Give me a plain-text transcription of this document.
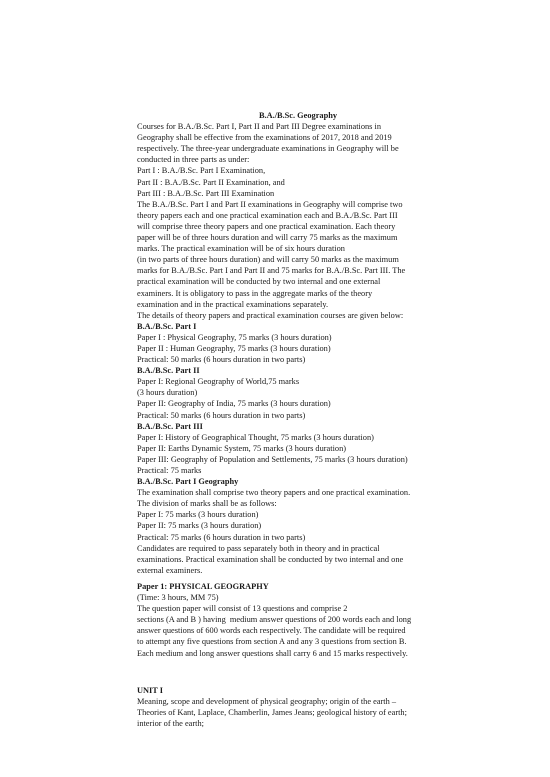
B.A./B.Sc. Geography

Courses for B.A./B.Sc. Part I, Part II and Part III Degree examinations in

Geography shall be effective from the examinations of 2017, 2018 and 2019

respectively. The three-year undergraduate examinations in Geography will be

conducted in three parts as under:

Part I : B.A./B.Sc. Part I Examination,

Part II : B.A./B.Sc. Part II Examination, and

Part III : B.A./B.Sc. Part III Examination

The B.A./B.Sc. Part I and Part II examinations in Geography will comprise two

theory papers each and one practical examination each and B.A./B.Sc. Part III

will comprise three theory papers and one practical examination. Each theory

paper will be of three hours duration and will carry 75 marks as the maximum

marks. The practical examination will be of six hours duration

(in two parts of three hours duration) and will carry 50 marks as the maximum

marks for B.A./B.Sc. Part I and Part II and 75 marks for B.A./B.Sc. Part III. The

practical examination will be conducted by two internal and one external

examiners. It is obligatory to pass in the aggregate marks of the theory

examination and in the practical examinations separately.

The details of theory papers and practical examination courses are given below:

B.A./B.Sc. Part I

Paper I : Physical Geography, 75 marks (3 hours duration)

Paper II : Human Geography, 75 marks (3 hours duration)

Practical: 50 marks (6 hours duration in two parts)

B.A./B.Sc. Part II

Paper I: Regional Geography of World,75 marks

(3 hours duration)

Paper II: Geography of India, 75 marks (3 hours duration)

Practical: 50 marks (6 hours duration in two parts)

B.A./B.Sc. Part III

Paper I: History of Geographical Thought, 75 marks (3 hours duration)

Paper II: Earths Dynamic System, 75 marks (3 hours duration)

Paper III: Geography of Population and Settlements, 75 marks (3 hours duration)

Practical: 75 marks

B.A./B.Sc. Part I Geography

The examination shall comprise two theory papers and one practical examination.

The division of marks shall be as follows:

Paper I: 75 marks (3 hours duration)

Paper II: 75 marks (3 hours duration)

Practical: 75 marks (6 hours duration in two parts)

Candidates are required to pass separately both in theory and in practical

examinations. Practical examination shall be conducted by two internal and one

external examiners.

Paper 1: PHYSICAL GEOGRAPHY

(Time: 3 hours, MM 75)

The question paper will consist of 13 questions and comprise 2

sections (A and B ) having  medium answer questions of 200 words each and long

answer questions of 600 words each respectively. The candidate will be required

to attempt any five questions from section A and any 3 questions from section B.

Each medium and long answer questions shall carry 6 and 15 marks respectively.

UNIT I

Meaning, scope and development of physical geography; origin of the earth –

Theories of Kant, Laplace, Chamberlin, James Jeans; geological history of earth;

interior of the earth;
